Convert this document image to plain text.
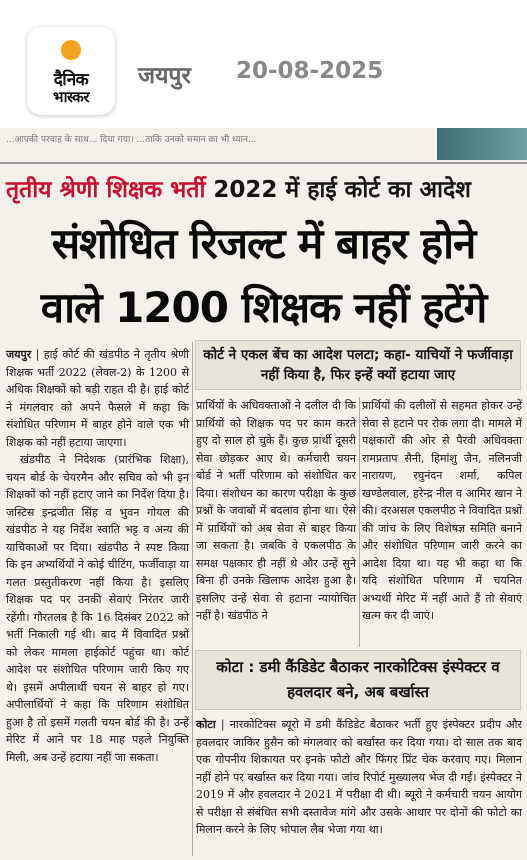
दैनिक
भास्कर
जयपुर 20-08-2025
...आपकी परवाह के साथ... दिया गया। ...ताकि उनको समान का भी ध्यान...
तृतीय श्रेणी शिक्षक भर्ती 2022 में हाई कोर्ट का आदेश
संशोधित रिजल्ट में बाहर होने
वाले 1200 शिक्षक नहीं हटेंगे

जयपुर | हाई कोर्ट की खंडपीठ ने तृतीय श्रेणी शिक्षक भर्ती 2022 (लेवल-2) के 1200 से अधिक शिक्षकों को बड़ी राहत दी है। हाई कोर्ट ने मंगलवार को अपने फैसले में कहा कि संशोधित परिणाम में बाहर होने वाले एक भी शिक्षक को नहीं हटाया जाएगा।

खंडपीठ ने निदेशक (प्रारंभिक शिक्षा), चयन बोर्ड के चेयरमैन और सचिव को भी इन शिक्षकों को नहीं हटाए जाने का निर्देश दिया है। जस्टिस इन्द्रजीत सिंह व भुवन गोयल की खंडपीठ ने यह निर्देश स्वाति भट्ट व अन्य की याचिकाओं पर दिया। खंडपीठ ने स्पष्ट किया कि इन अभ्यर्थियों ने कोई चीटिंग, फर्जीवाड़ा या गलत प्रस्तुतीकरण नहीं किया है। इसलिए शिक्षक पद पर उनकी सेवाएं निरंतर जारी रहेंगी। गौरतलब है कि 16 दिसंबर 2022 को भर्ती निकाली गई थी। बाद में विवादित प्रश्नों को लेकर मामला हाईकोर्ट पहुंचा था। कोर्ट आदेश पर संशोधित परिणाम जारी किए गए थे। इसमें अपीलार्थी चयन से बाहर हो गए। अपीलार्थियों ने कहा कि परिणाम संशोधित हुआ है तो इसमें गलती चयन बोर्ड की है। उन्हें मेरिट में आने पर 18 माह पहले नियुक्ति मिली, अब उन्हें हटाया नहीं जा सकता।

कोर्ट ने एकल बेंच का आदेश पलटा; कहा- याचियों ने फर्जीवाड़ा नहीं किया है, फिर इन्हें क्यों हटाया जाए
प्रार्थियों के अधिवक्ताओं ने दलील दी कि प्रार्थियों को शिक्षक पद पर काम करते हुए दो साल हो चुके हैं। कुछ प्रार्थी दूसरी सेवा छोड़कर आए थे। कर्मचारी चयन बोर्ड ने भर्ती परिणाम को संशोधित कर दिया। संशोधन का कारण परीक्षा के कुछ प्रश्नों के जवाबों में बदलाव होना था। ऐसे में प्रार्थियों को अब सेवा से बाहर किया जा सकता है। जबकि वे एकलपीठ के समक्ष पक्षकार ही नहीं थे और उन्हें सुने बिना ही उनके खिलाफ आदेश हुआ है। इसलिए उन्हें सेवा से हटाना न्यायोचित नहीं है। खंडपीठ ने
प्रार्थियों की दलीलों से सहमत होकर उन्हें सेवा से हटाने पर रोक लगा दी। मामले में पक्षकारों की ओर से पैरवी अधिवक्ता रामप्रताप सैनी, हिमांशु जैन, नलिनजी नारायण, रघुनंदन शर्मा, कपिल खण्डेलवाल, हरेन्द्र नील व आमिर खान ने की। दरअसल एकलपीठ ने विवादित प्रश्नों की जांच के लिए विशेषज्ञ समिति बनाने और संशोधित परिणाम जारी करने का आदेश दिया था। यह भी कहा था कि यदि संशोधित परिणाम में चयनित अभ्यर्थी मेरिट में नहीं आते हैं तो सेवाएं खत्म कर दी जाएं।
कोटा : डमी कैंडिडेट बैठाकर नारकोटिक्स इंस्पेक्टर व हवलदार बने, अब बर्खास्त

कोटा | नारकोटिक्स ब्यूरो में डमी कैंडिडेट बैठाकर भर्ती हुए इंस्पेक्टर प्रदीप और हवलदार जाकिर हुसैन को मंगलवार को बर्खास्त कर दिया गया। दो साल तक बाद एक गोपनीय शिकायत पर इनके फोटो और फिंगर प्रिंट चेक करवाए गए। मिलान नहीं होने पर बर्खास्त कर दिया गया। जांच रिपोर्ट मुख्यालय भेज दी गई। इंस्पेक्टर ने 2019 में और हवलदार ने 2021 में परीक्षा दी थी। ब्यूरो ने कर्मचारी चयन आयोग से परीक्षा से संबंधित सभी दस्तावेज मांगे और उसके आधार पर दोनों की फोटो का मिलान करने के लिए भोपाल लैब भेजा गया था।
